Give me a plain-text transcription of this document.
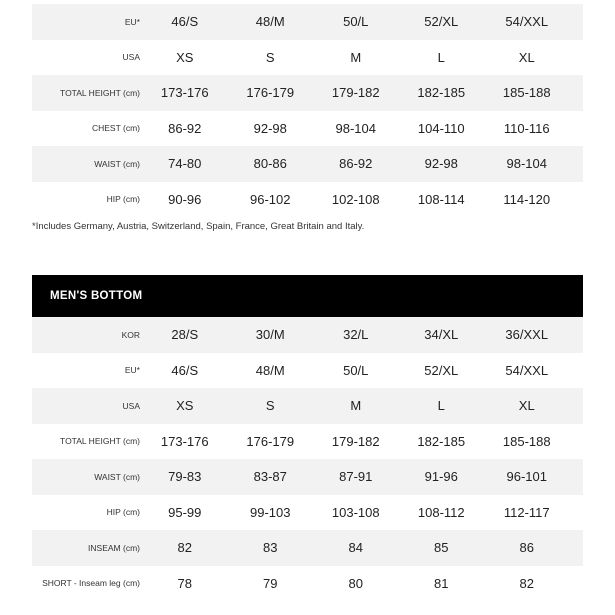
EU*	46/S	48/M	50/L	52/XL	54/XXL
USA	XS	S	M	L	XL
TOTAL HEIGHT (cm)	173-176	176-179	179-182	182-185	185-188
CHEST (cm)	86-92	92-98	98-104	104-110	110-116
WAIST (cm)	74-80	80-86	86-92	92-98	98-104
HIP (cm)	90-96	96-102	102-108	108-114	114-120
*Includes Germany, Austria, Switzerland, Spain, France, Great Britain and Italy.
MEN'S BOTTOM
KOR	28/S	30/M	32/L	34/XL	36/XXL
EU*	46/S	48/M	50/L	52/XL	54/XXL
USA	XS	S	M	L	XL
TOTAL HEIGHT (cm)	173-176	176-179	179-182	182-185	185-188
WAIST (cm)	79-83	83-87	87-91	91-96	96-101
HIP (cm)	95-99	99-103	103-108	108-112	112-117
INSEAM (cm)	82	83	84	85	86
SHORT - Inseam leg (cm)	78	79	80	81	82
